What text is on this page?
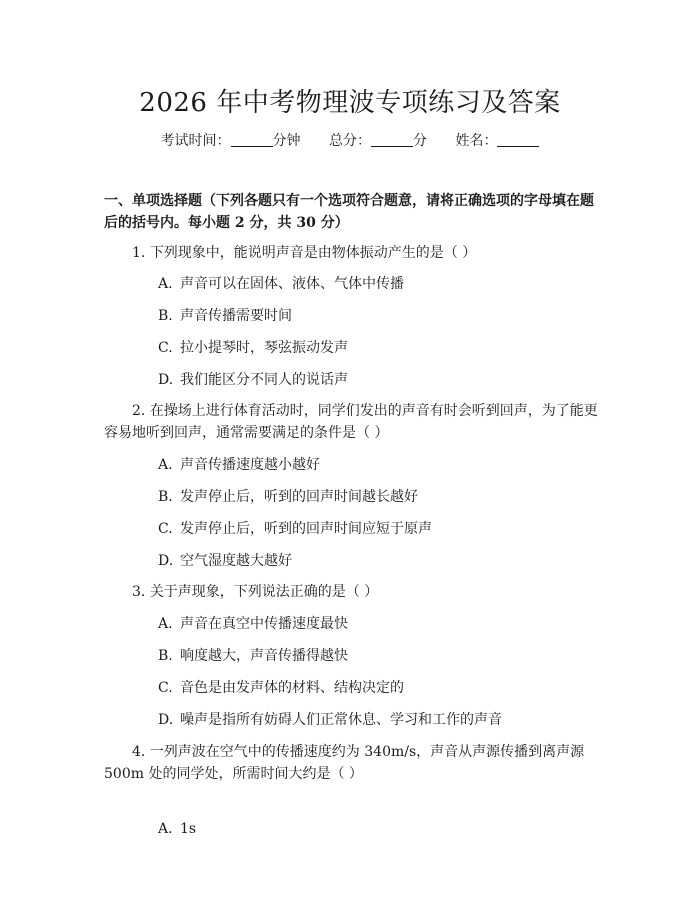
2026 年中考物理波专项练习及答案
考试时间：	分钟 总分：	分 姓名：
一、单项选择题（下列各题只有一个选项符合题意，请将正确选项的字母填在题后的括号内。每小题 2 分，共 30 分）
1. 下列现象中，能说明声音是由物体振动产生的是（ ）
A. 声音可以在固体、液体、气体中传播
B. 声音传播需要时间
C. 拉小提琴时，琴弦振动发声
D. 我们能区分不同人的说话声
2. 在操场上进行体育活动时，同学们发出的声音有时会听到回声，为了能更容易地听到回声，通常需要满足的条件是（ ）
A. 声音传播速度越小越好
B. 发声停止后，听到的回声时间越长越好
C. 发声停止后，听到的回声时间应短于原声
D. 空气湿度越大越好
3. 关于声现象，下列说法正确的是（ ）
A. 声音在真空中传播速度最快
B. 响度越大，声音传播得越快
C. 音色是由发声体的材料、结构决定的
D. 噪声是指所有妨碍人们正常休息、学习和工作的声音
4. 一列声波在空气中的传播速度约为 340m/s，声音从声源传播到离声源 500m 处的同学处，所需时间大约是（ ）
A. 1s
